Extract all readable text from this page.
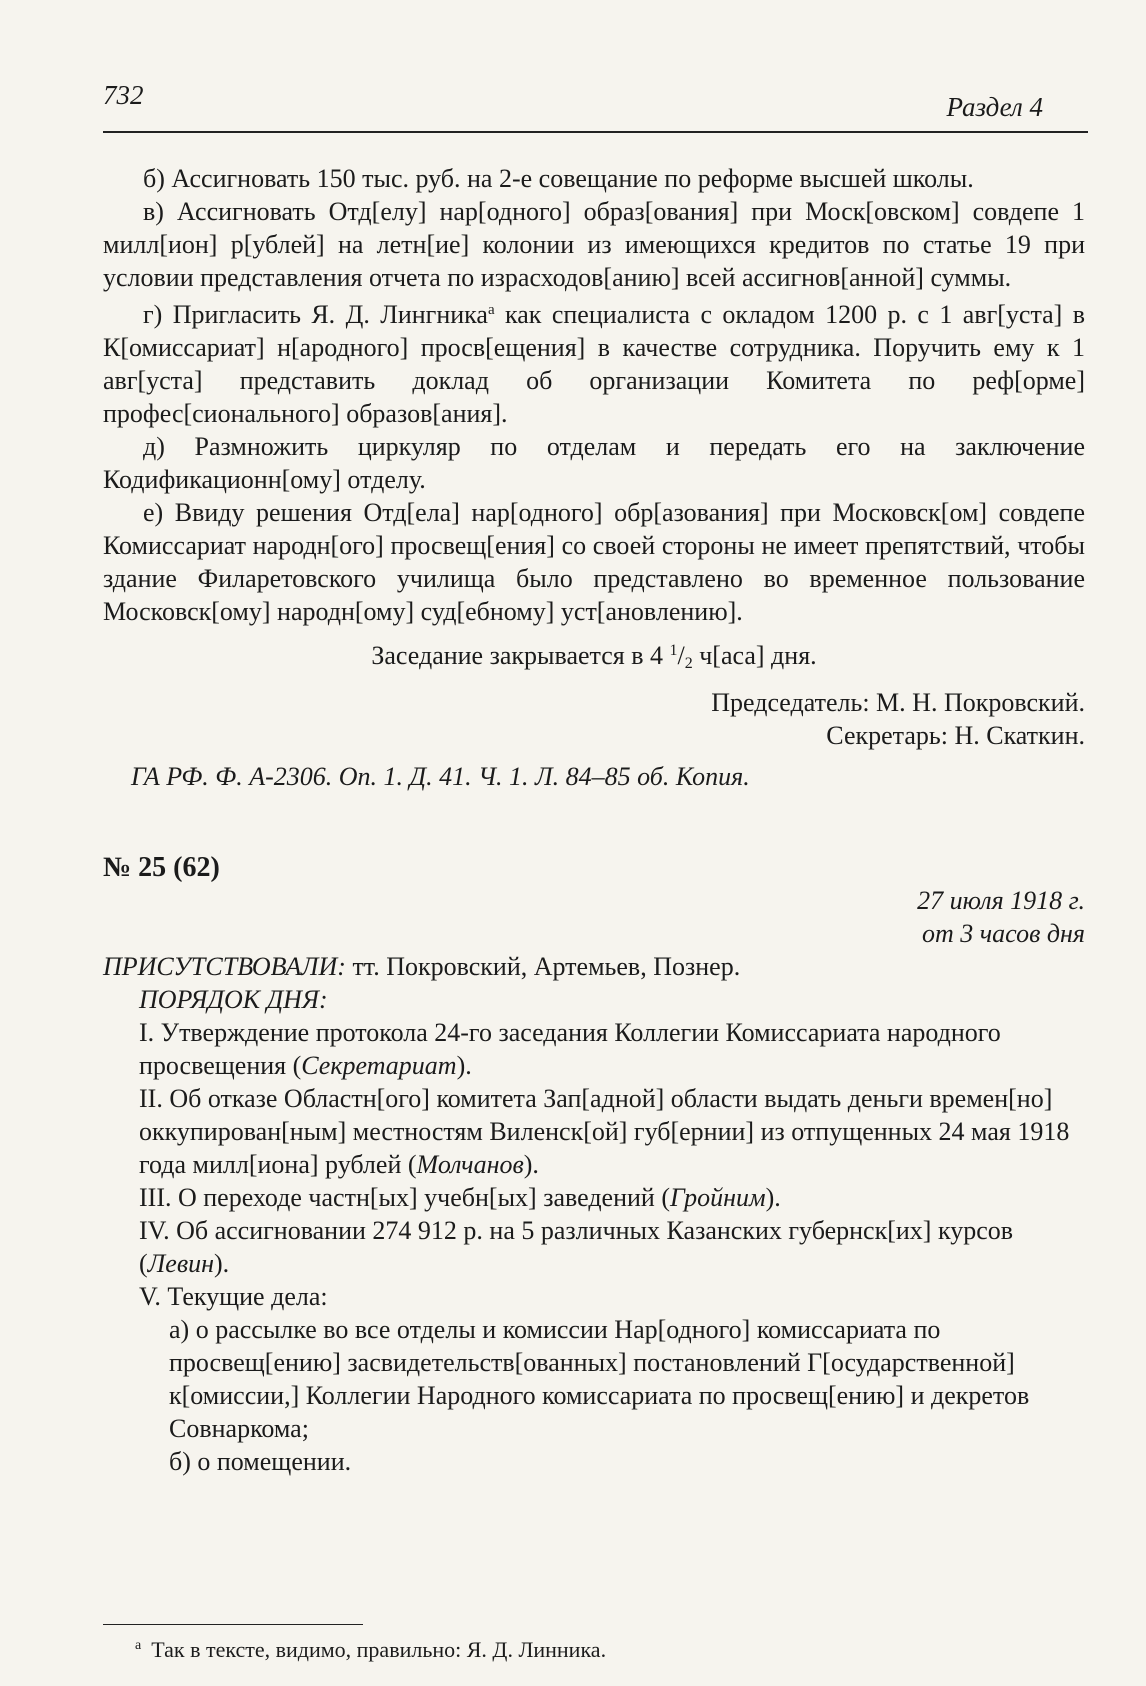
732	Раздел 4

б) Ассигновать 150 тыс. руб. на 2-е совещание по реформе высшей школы.

в) Ассигновать Отд[елу] нар[одного] образ[ования] при Моск[овском] совдепе 1 милл[ион] р[ублей] на летн[ие] колонии из имеющихся кредитов по статье 19 при условии представления отчета по израсходов[анию] всей ассигнов[анной] суммы.

г) Пригласить Я. Д. Лингника$^а$ как специалиста с окладом 1200 р. с 1 авг[уста] в К[омиссариат] н[ародного] просв[ещения] в качестве сотрудника. Поручить ему к 1 авг[уста] представить доклад об организации Комитета по реф[орме] профес[сионального] образов[ания].

д) Размножить циркуляр по отделам и передать его на заключение Кодификационн[ому] отделу.

е) Ввиду решения Отд[ела] нар[одного] обр[азования] при Московск[ом] совдепе Комиссариат народн[ого] просвещ[ения] со своей стороны не имеет препятствий, чтобы здание Филаретовского училища было представлено во временное пользование Московск[ому] народн[ому] суд[ебному] уст[ановлению].

Заседание закрывается в 4 $^1$/2 ч[аса] дня.

Председатель: М. Н. Покровский.

Секретарь: Н. Скаткин.

ГА РФ. Ф. А-2306. Оп. 1. Д. 41. Ч. 1. Л. 84–85 об. Копия.

№ 25 (62)

27 июля 1918 г.

от 3 часов дня

ПРИСУТСТВОВАЛИ: тт. Покровский, Артемьев, Познер.

ПОРЯДОК ДНЯ:

I. Утверждение протокола 24-го заседания Коллегии Комиссариата народного просвещения (Секретариат).

II. Об отказе Областн[ого] комитета Зап[адной] области выдать деньги времен[но] оккупирован[ным] местностям Виленск[ой] губ[ернии] из отпущенных 24 мая 1918 года милл[иона] рублей (Молчанов).

III. О переходе частн[ых] учебн[ых] заведений (Гройним).

IV. Об ассигновании 274 912 р. на 5 различных Казанских губернск[их] курсов (Левин).

V. Текущие дела:

а) о рассылке во все отделы и комиссии Нар[одного] комиссариата по просвещ[ению] засвидетельств[ованных] постановлений Г[осударственной] к[омиссии,] Коллегии Народного комиссариата по просвещ[ению] и декретов Совнаркома;

б) о помещении.

$^а$ Так в тексте, видимо, правильно: Я. Д. Линника.
